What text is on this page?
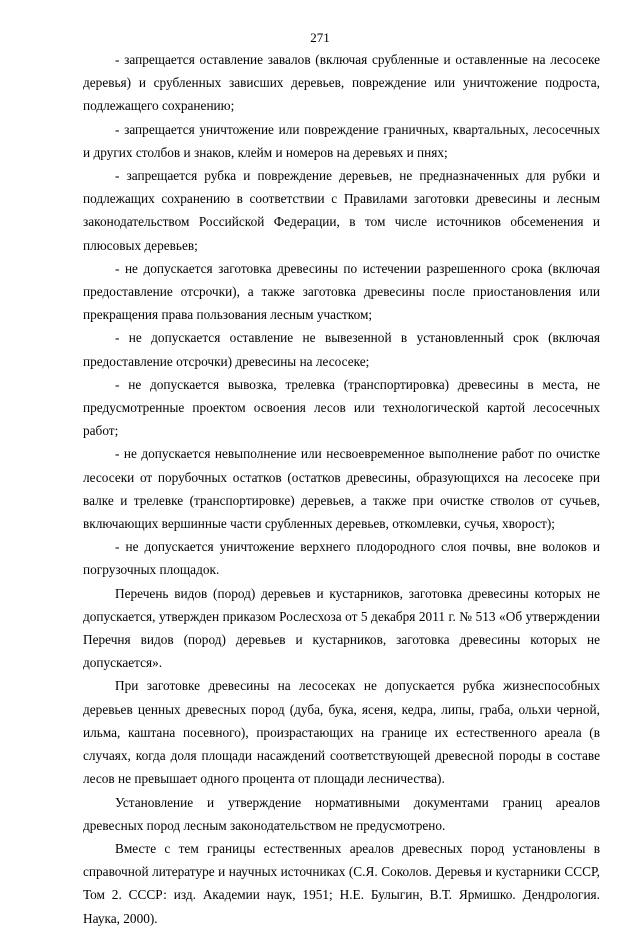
271

- запрещается оставление завалов (включая срубленные и оставленные на лесосеке деревья) и срубленных зависших деревьев, повреждение или уничтожение подроста, подлежащего сохранению;

- запрещается уничтожение или повреждение граничных, квартальных, лесосечных и других столбов и знаков, клейм и номеров на деревьях и пнях;

- запрещается рубка и повреждение деревьев, не предназначенных для рубки и подлежащих сохранению в соответствии с Правилами заготовки древесины и лесным законодательством Российской Федерации, в том числе источников обсеменения и плюсовых деревьев;

- не допускается заготовка древесины по истечении разрешенного срока (включая предоставление отсрочки), а также заготовка древесины после приостановления или прекращения права пользования лесным участком;

- не допускается оставление не вывезенной в установленный срок (включая предоставление отсрочки) древесины на лесосеке;

- не допускается вывозка, трелевка (транспортировка) древесины в места, не предусмотренные проектом освоения лесов или технологической картой лесосечных работ;

- не допускается невыполнение или несвоевременное выполнение работ по очистке лесосеки от порубочных остатков (остатков древесины, образующихся на лесосеке при валке и трелевке (транспортировке) деревьев, а также при очистке стволов от сучьев, включающих вершинные части срубленных деревьев, откомлевки, сучья, хворост);

- не допускается уничтожение верхнего плодородного слоя почвы, вне волоков и погрузочных площадок.

Перечень видов (пород) деревьев и кустарников, заготовка древесины которых не допускается, утвержден приказом Рослесхоза от 5 декабря 2011 г. № 513 «Об утверждении Перечня видов (пород) деревьев и кустарников, заготовка древесины которых не допускается».

При заготовке древесины на лесосеках не допускается рубка жизнеспособных деревьев ценных древесных пород (дуба, бука, ясеня, кедра, липы, граба, ольхи черной, ильма, каштана посевного), произрастающих на границе их естественного ареала (в случаях, когда доля площади насаждений соответствующей древесной породы в составе лесов не превышает одного процента от площади лесничества).

Установление и утверждение нормативными документами границ ареалов древесных пород лесным законодательством не предусмотрено.

Вместе с тем границы естественных ареалов древесных пород установлены в справочной литературе и научных источниках (С.Я. Соколов. Деревья и кустарники СССР, Том 2. СССР: изд. Академии наук, 1951; Н.Е. Булыгин, В.Т. Ярмишко. Дендрология. Наука, 2000).
